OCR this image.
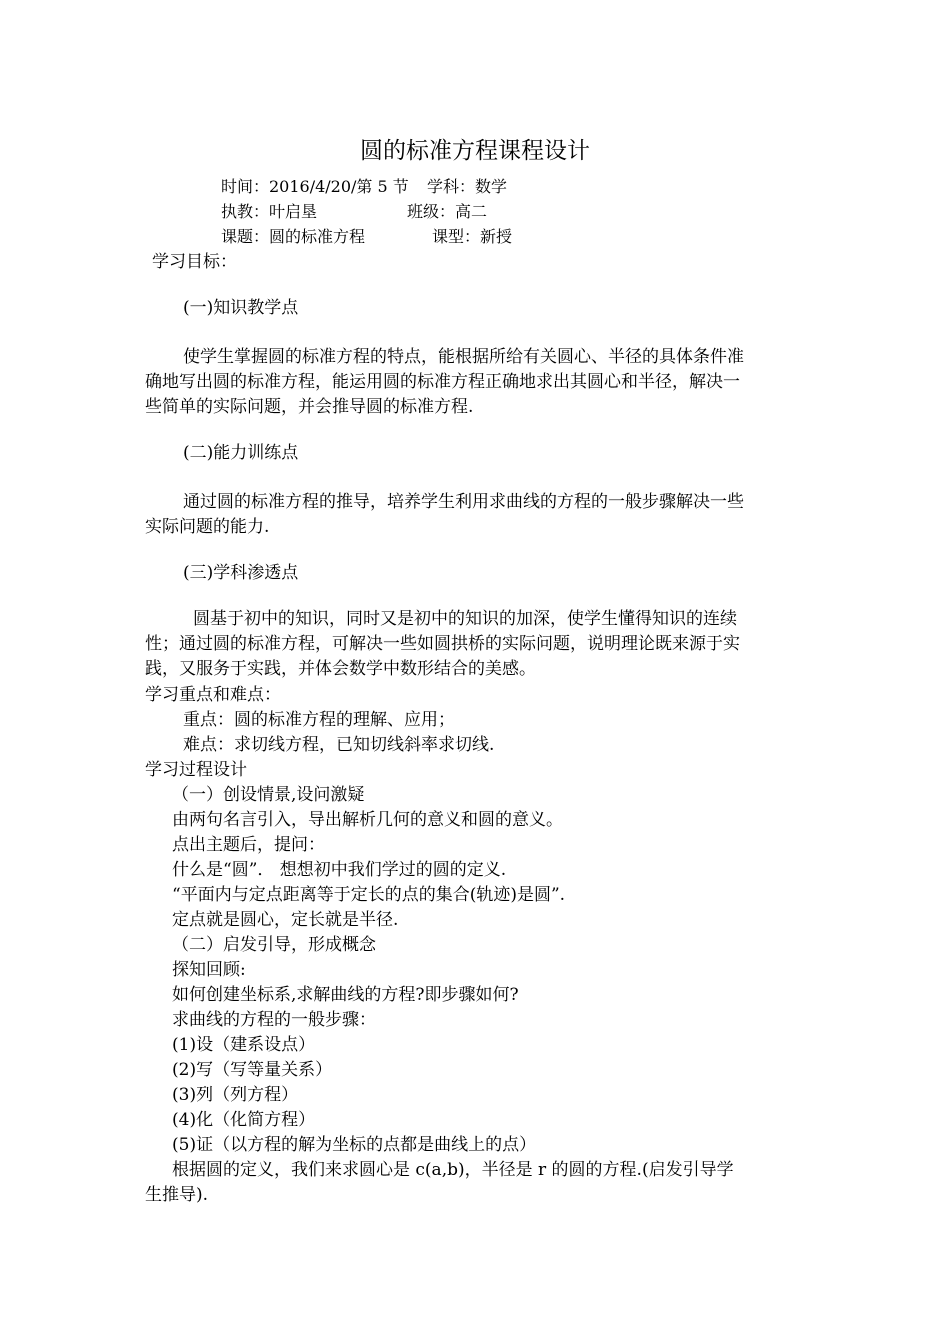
圆的标准方程课程设计
时间：2016/4/20/第 5 节 学科：数学
执教：叶启垦	班级：高二
课题：圆的标准方程	课型：新授
学习目标：
(一)知识教学点
使学生掌握圆的标准方程的特点，能根据所给有关圆心、半径的具体条件准
确地写出圆的标准方程，能运用圆的标准方程正确地求出其圆心和半径，解决一
些简单的实际问题，并会推导圆的标准方程.
(二)能力训练点
通过圆的标准方程的推导，培养学生利用求曲线的方程的一般步骤解决一些
实际问题的能力.
(三)学科渗透点
圆基于初中的知识，同时又是初中的知识的加深，使学生懂得知识的连续
性；通过圆的标准方程，可解决一些如圆拱桥的实际问题，说明理论既来源于实
践，又服务于实践，并体会数学中数形结合的美感。
学习重点和难点：
重点：圆的标准方程的理解、应用；
难点：求切线方程，已知切线斜率求切线.
学习过程设计
（一）创设情景,设问激疑
由两句名言引入，导出解析几何的意义和圆的意义。
点出主题后，提问：
什么是“圆”． 想想初中我们学过的圆的定义.
“平面内与定点距离等于定长的点的集合(轨迹)是圆”.
定点就是圆心，定长就是半径.
（二）启发引导，形成概念
探知回顾:
如何创建坐标系,求解曲线的方程?即步骤如何?
求曲线的方程的一般步骤：
(1)设（建系设点）
(2)写（写等量关系）
(3)列（列方程）
(4)化（化简方程）
(5)证（以方程的解为坐标的点都是曲线上的点）
根据圆的定义，我们来求圆心是 c(a,b)，半径是 r 的圆的方程.(启发引导学
生推导).
